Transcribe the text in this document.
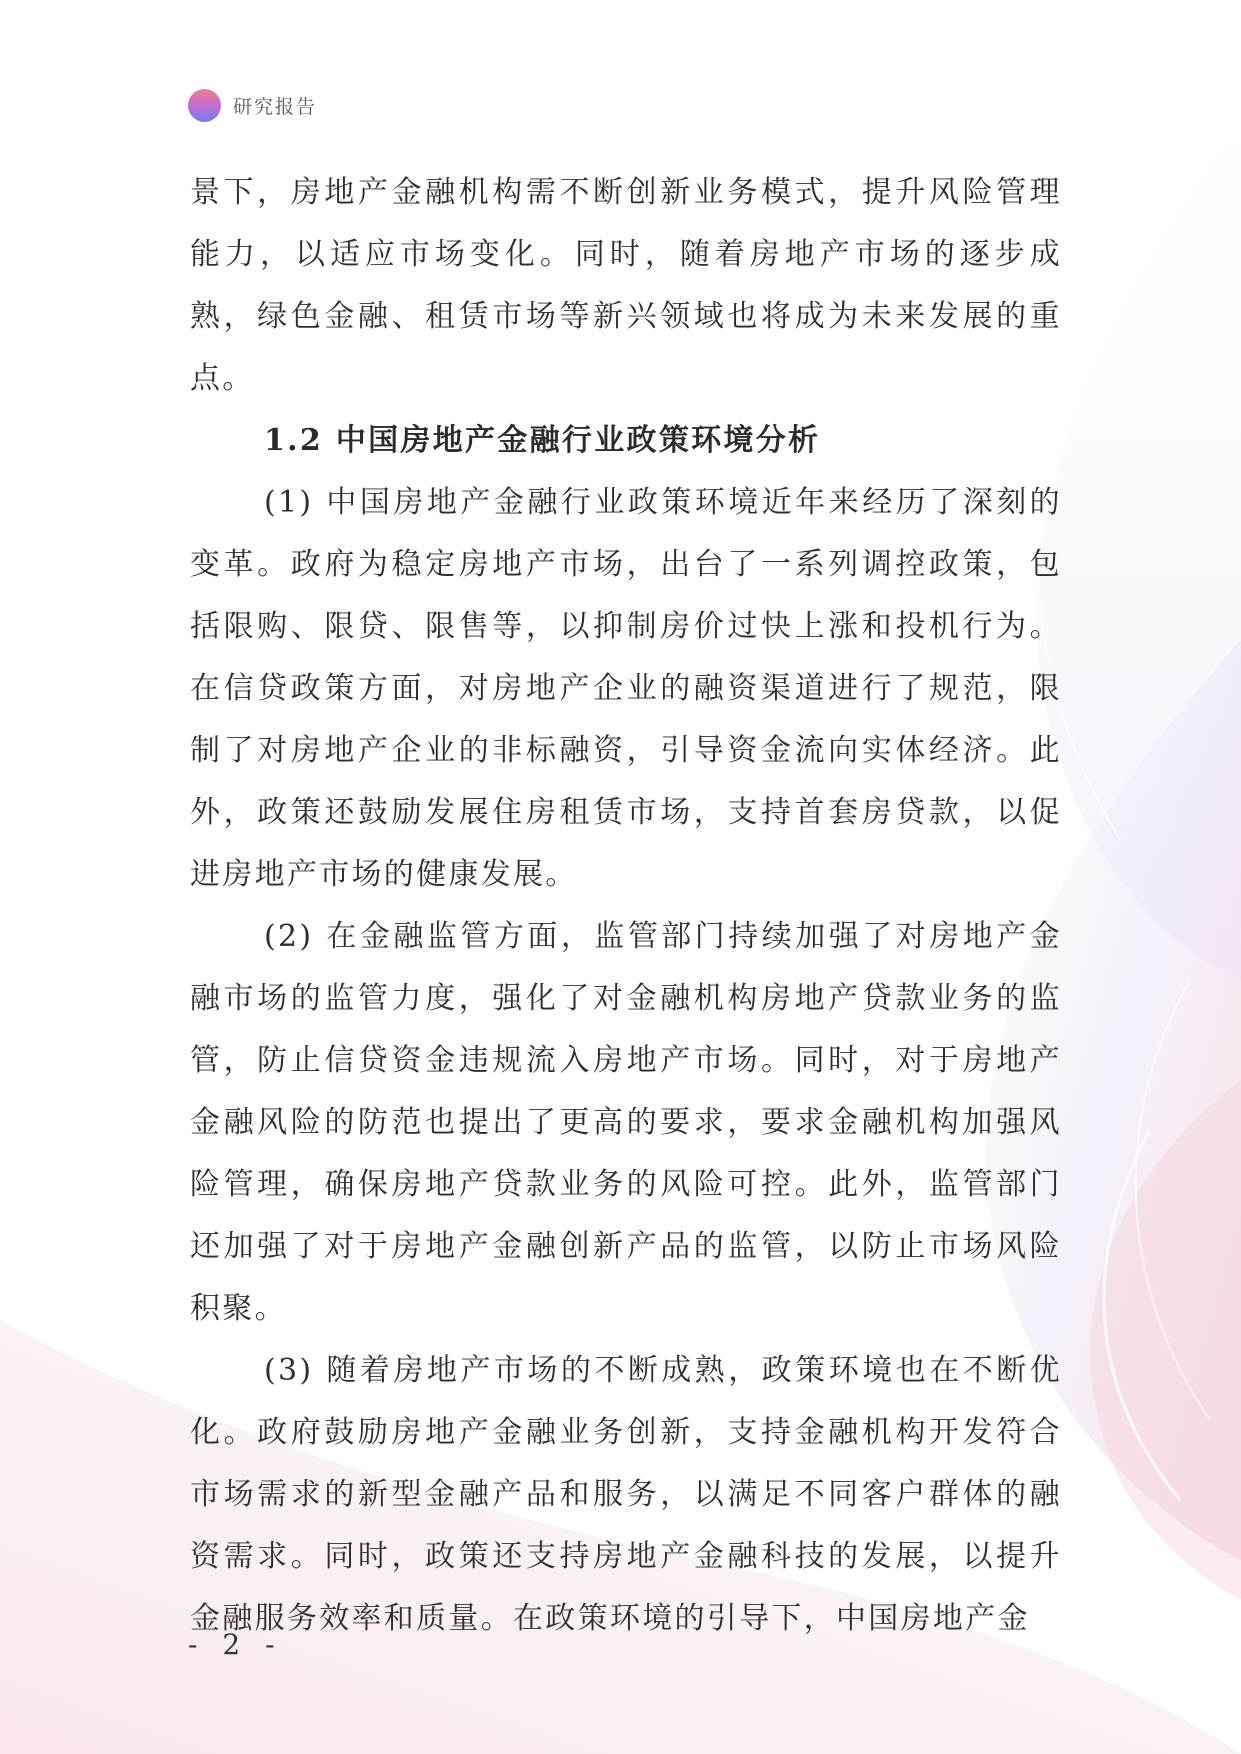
研究报告

景下，房地产金融机构需不断创新业务模式，提升风险管理能力，以适应市场变化。同时，随着房地产市场的逐步成熟，绿色金融、租赁市场等新兴领域也将成为未来发展的重点。

1.2 中国房地产金融行业政策环境分析

(1) 中国房地产金融行业政策环境近年来经历了深刻的变革。政府为稳定房地产市场，出台了一系列调控政策，包括限购、限贷、限售等，以抑制房价过快上涨和投机行为。在信贷政策方面，对房地产企业的融资渠道进行了规范，限制了对房地产企业的非标融资，引导资金流向实体经济。此外，政策还鼓励发展住房租赁市场，支持首套房贷款，以促进房地产市场的健康发展。

(2) 在金融监管方面，监管部门持续加强了对房地产金融市场的监管力度，强化了对金融机构房地产贷款业务的监管，防止信贷资金违规流入房地产市场。同时，对于房地产金融风险的防范也提出了更高的要求，要求金融机构加强风险管理，确保房地产贷款业务的风险可控。此外，监管部门还加强了对于房地产金融创新产品的监管，以防止市场风险积聚。

(3) 随着房地产市场的不断成熟，政策环境也在不断优化。政府鼓励房地产金融业务创新，支持金融机构开发符合市场需求的新型金融产品和服务，以满足不同客户群体的融资需求。同时，政策还支持房地产金融科技的发展，以提升金融服务效率和质量。在政策环境的引导下，中国房地产金

- 2 -
